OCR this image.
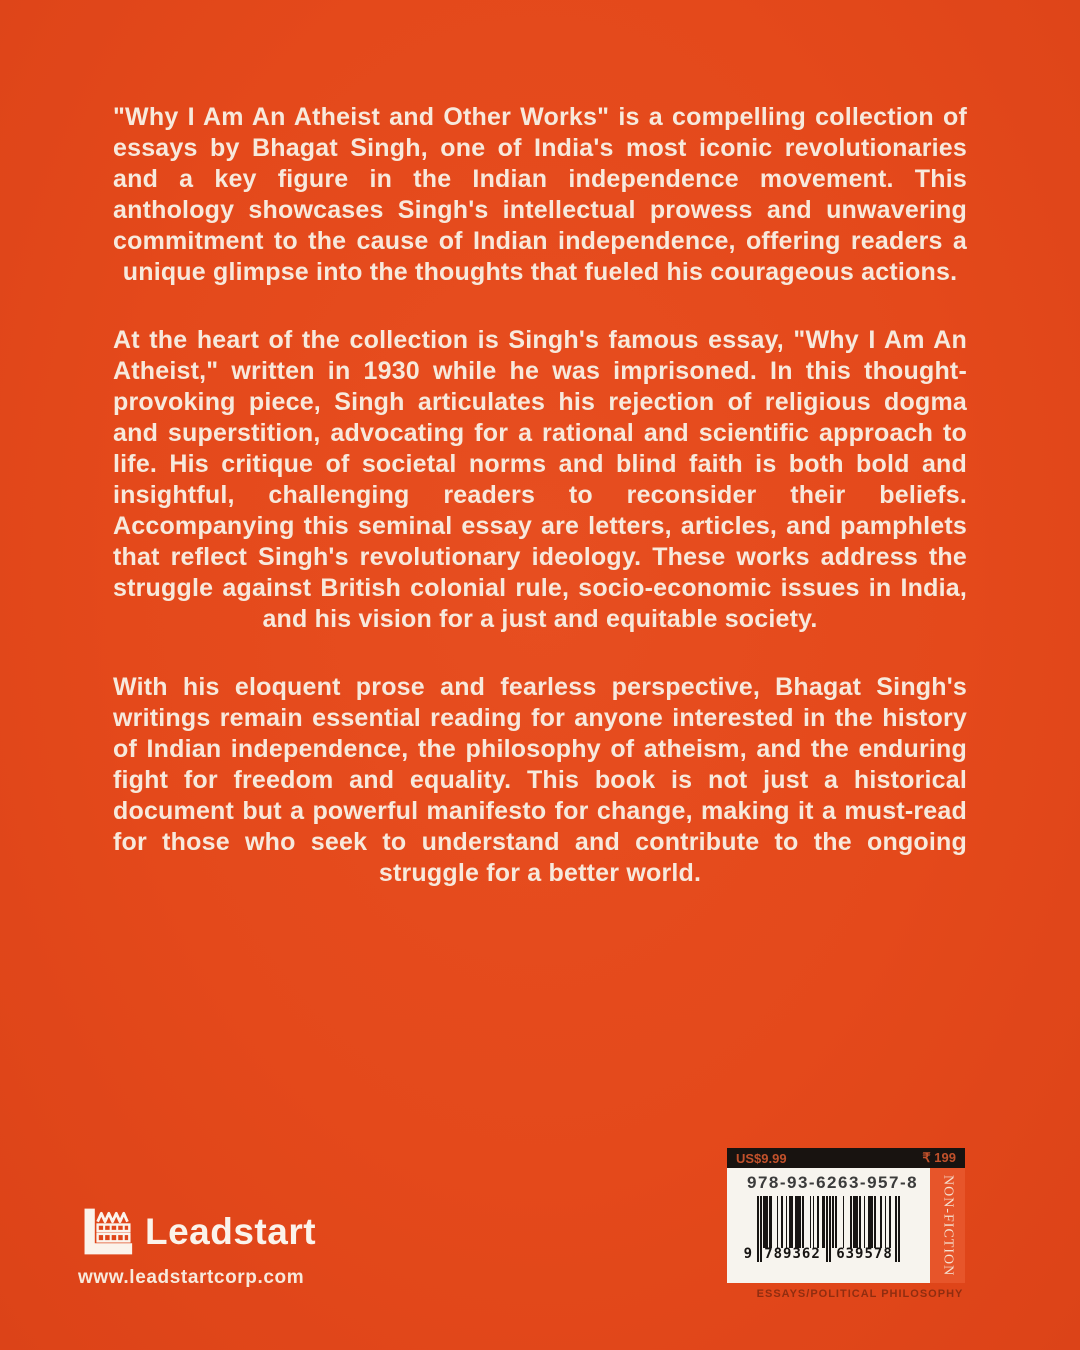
"Why I Am An Atheist and Other Works" is a compelling collection of essays by Bhagat Singh, one of India's most iconic revolutionaries and a key figure in the Indian independence movement. This anthology showcases Singh's intellectual prowess and unwavering commitment to the cause of Indian independence, offering readers a unique glimpse into the thoughts that fueled his courageous actions.

At the heart of the collection is Singh's famous essay, "Why I Am An Atheist," written in 1930 while he was imprisoned. In this thought-provoking piece, Singh articulates his rejection of religious dogma and superstition, advocating for a rational and scientific approach to life. His critique of societal norms and blind faith is both bold and insightful, challenging readers to reconsider their beliefs. Accompanying this seminal essay are letters, articles, and pamphlets that reflect Singh's revolutionary ideology. These works address the struggle against British colonial rule, socio-economic issues in India, and his vision for a just and equitable society.

With his eloquent prose and fearless perspective, Bhagat Singh's writings remain essential reading for anyone interested in the history of Indian independence, the philosophy of atheism, and the enduring fight for freedom and equality. This book is not just a historical document but a powerful manifesto for change, making it a must-read for those who seek to understand and contribute to the ongoing struggle for a better world.

Leadstart
www.leadstartcorp.com
US$9.99	₹ 199
978-93-6263-957-8
9 789362 639578	NON-FICTION
ESSAYS/POLITICAL PHILOSOPHY
